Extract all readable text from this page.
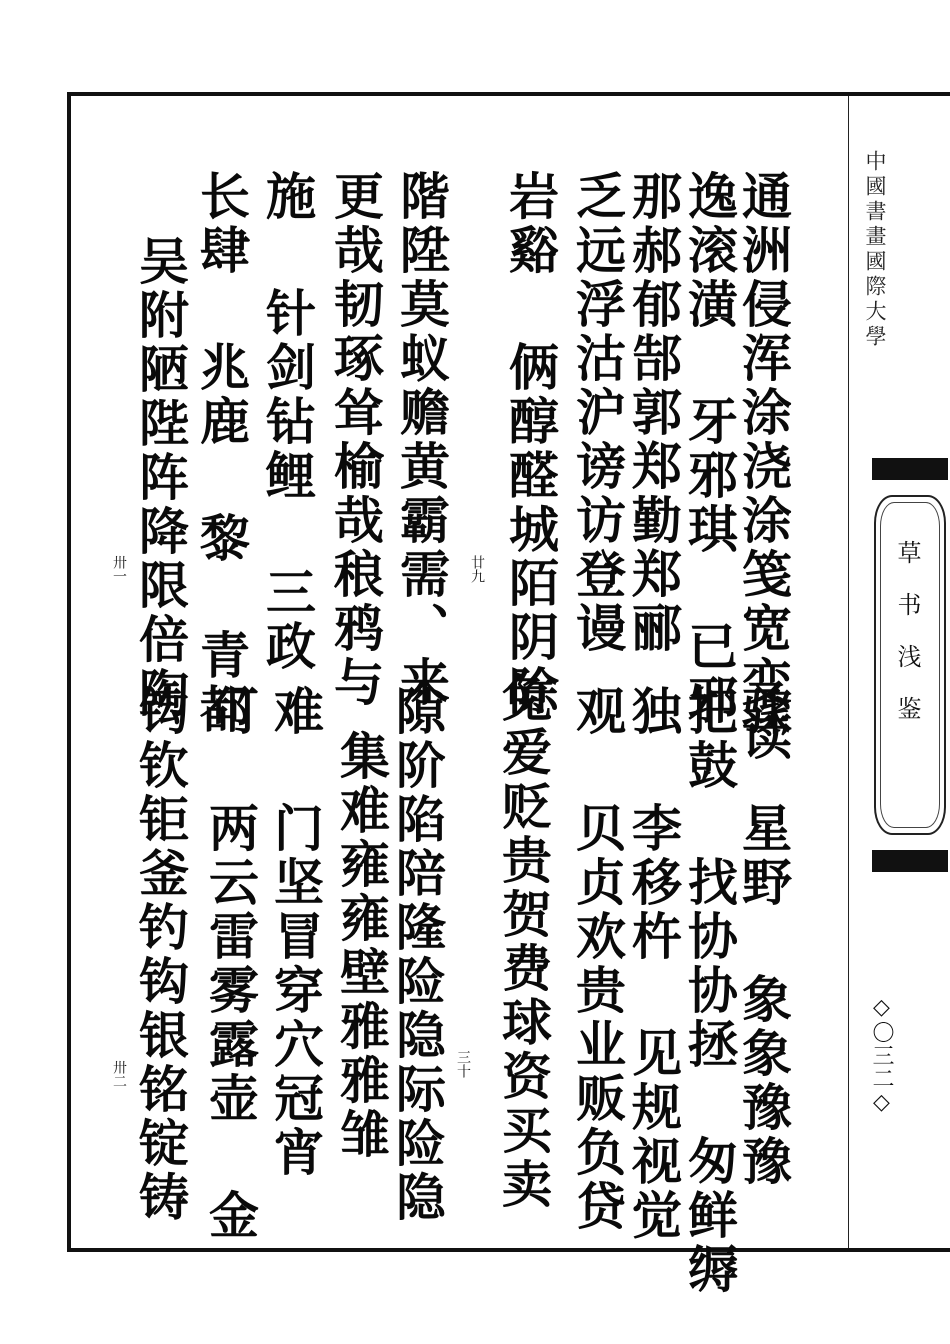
中國書畫國際大學
草书浅鉴
◇〇三二◇
通洲侵浑涂浇涂笺宽变读
逸滚潢 牙邪琪 已邪
那郝郁郜郭郑勤郑郦
乏远浮沽沪谤访登谩
岩谿 俩醇醛城陌阴除
廿九
階陞莫蚁赡黄霸需、来
更哉韧琢耸榆哉稂鸦与
施 针剑钻鲤 三政
长肆 兆鹿 黎 青都
卅一 吴附陋陛阵降限倍陶
骤 星野 象象豫豫
把鼓 找协协拯 匆鲜缛
独 李移杵 见规视觉
观 贝贞欢贵业贩负贷
兔爱贬贵贺费球资买卖
三十
隙阶陷陪隆险隐际险隐
集难雍雍壁雅雅雏
难 门坚冒穿穴冠宵
可 两云雷雾露壶 金
卅二 钩钦钜釜钓钩银铭锭铸
